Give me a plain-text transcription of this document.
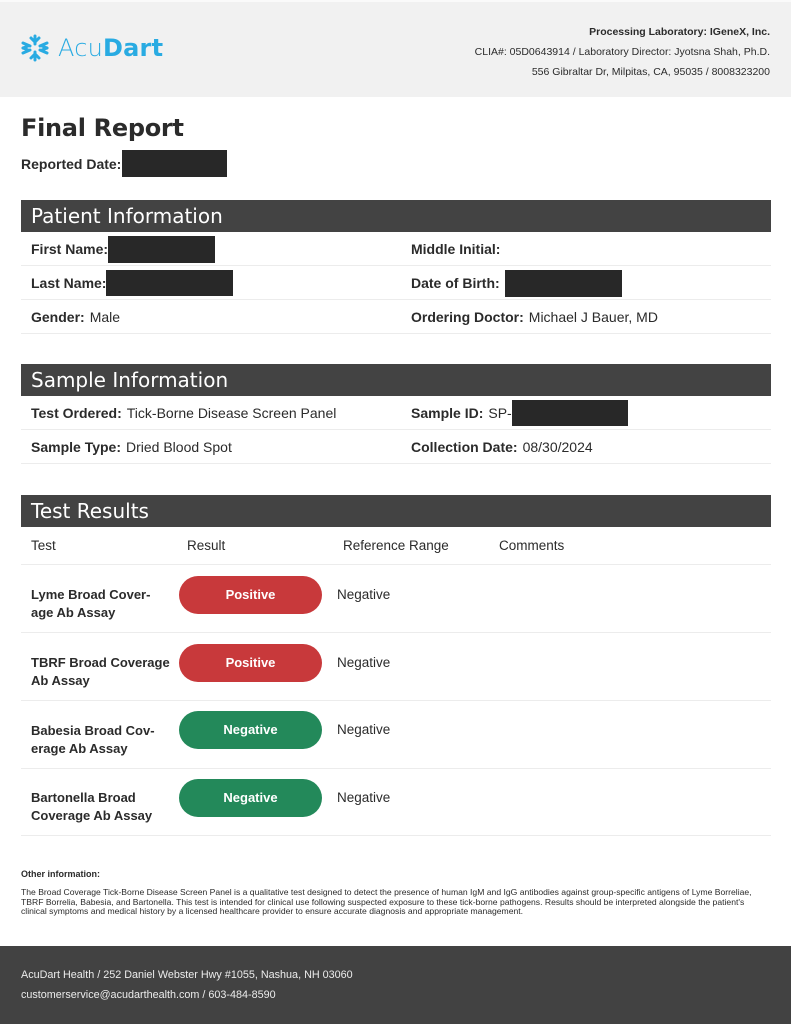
AcuDart
Processing Laboratory: IGeneX, Inc.
CLIA#: 05D0643914 / Laboratory Director: Jyotsna Shah, Ph.D.
556 Gibraltar Dr, Milpitas, CA, 95035 / 8008323200
Final Report
Reported Date:
Patient Information
First Name:	Middle Initial:
Last Name:	Date of Birth:
Gender: Male	Ordering Doctor: Michael J Bauer, MD
Sample Information
Test Ordered: Tick-Borne Disease Screen Panel	Sample ID: SP-
Sample Type: Dried Blood Spot	Collection Date: 08/30/2024
Test Results
Test	Result	Reference Range	Comments
Lyme Broad Cover-
age Ab Assay
Positive	Negative
TBRF Broad Coverage
Ab Assay
Positive	Negative
Babesia Broad Cov-
erage Ab Assay
Negative	Negative
Bartonella Broad
Coverage Ab Assay
Negative	Negative
Other information:
The Broad Coverage Tick-Borne Disease Screen Panel is a qualitative test designed to detect the presence of human IgM and IgG antibodies against group-specific antigens of Lyme Borreliae, TBRF Borrelia, Babesia, and Bartonella. This test is intended for clinical use following suspected exposure to these tick-borne pathogens. Results should be interpreted alongside the patient's clinical symptoms and medical history by a licensed healthcare provider to ensure accurate diagnosis and appropriate management.
AcuDart Health / 252 Daniel Webster Hwy #1055, Nashua, NH 03060
customerservice@acudarthealth.com / 603-484-8590
